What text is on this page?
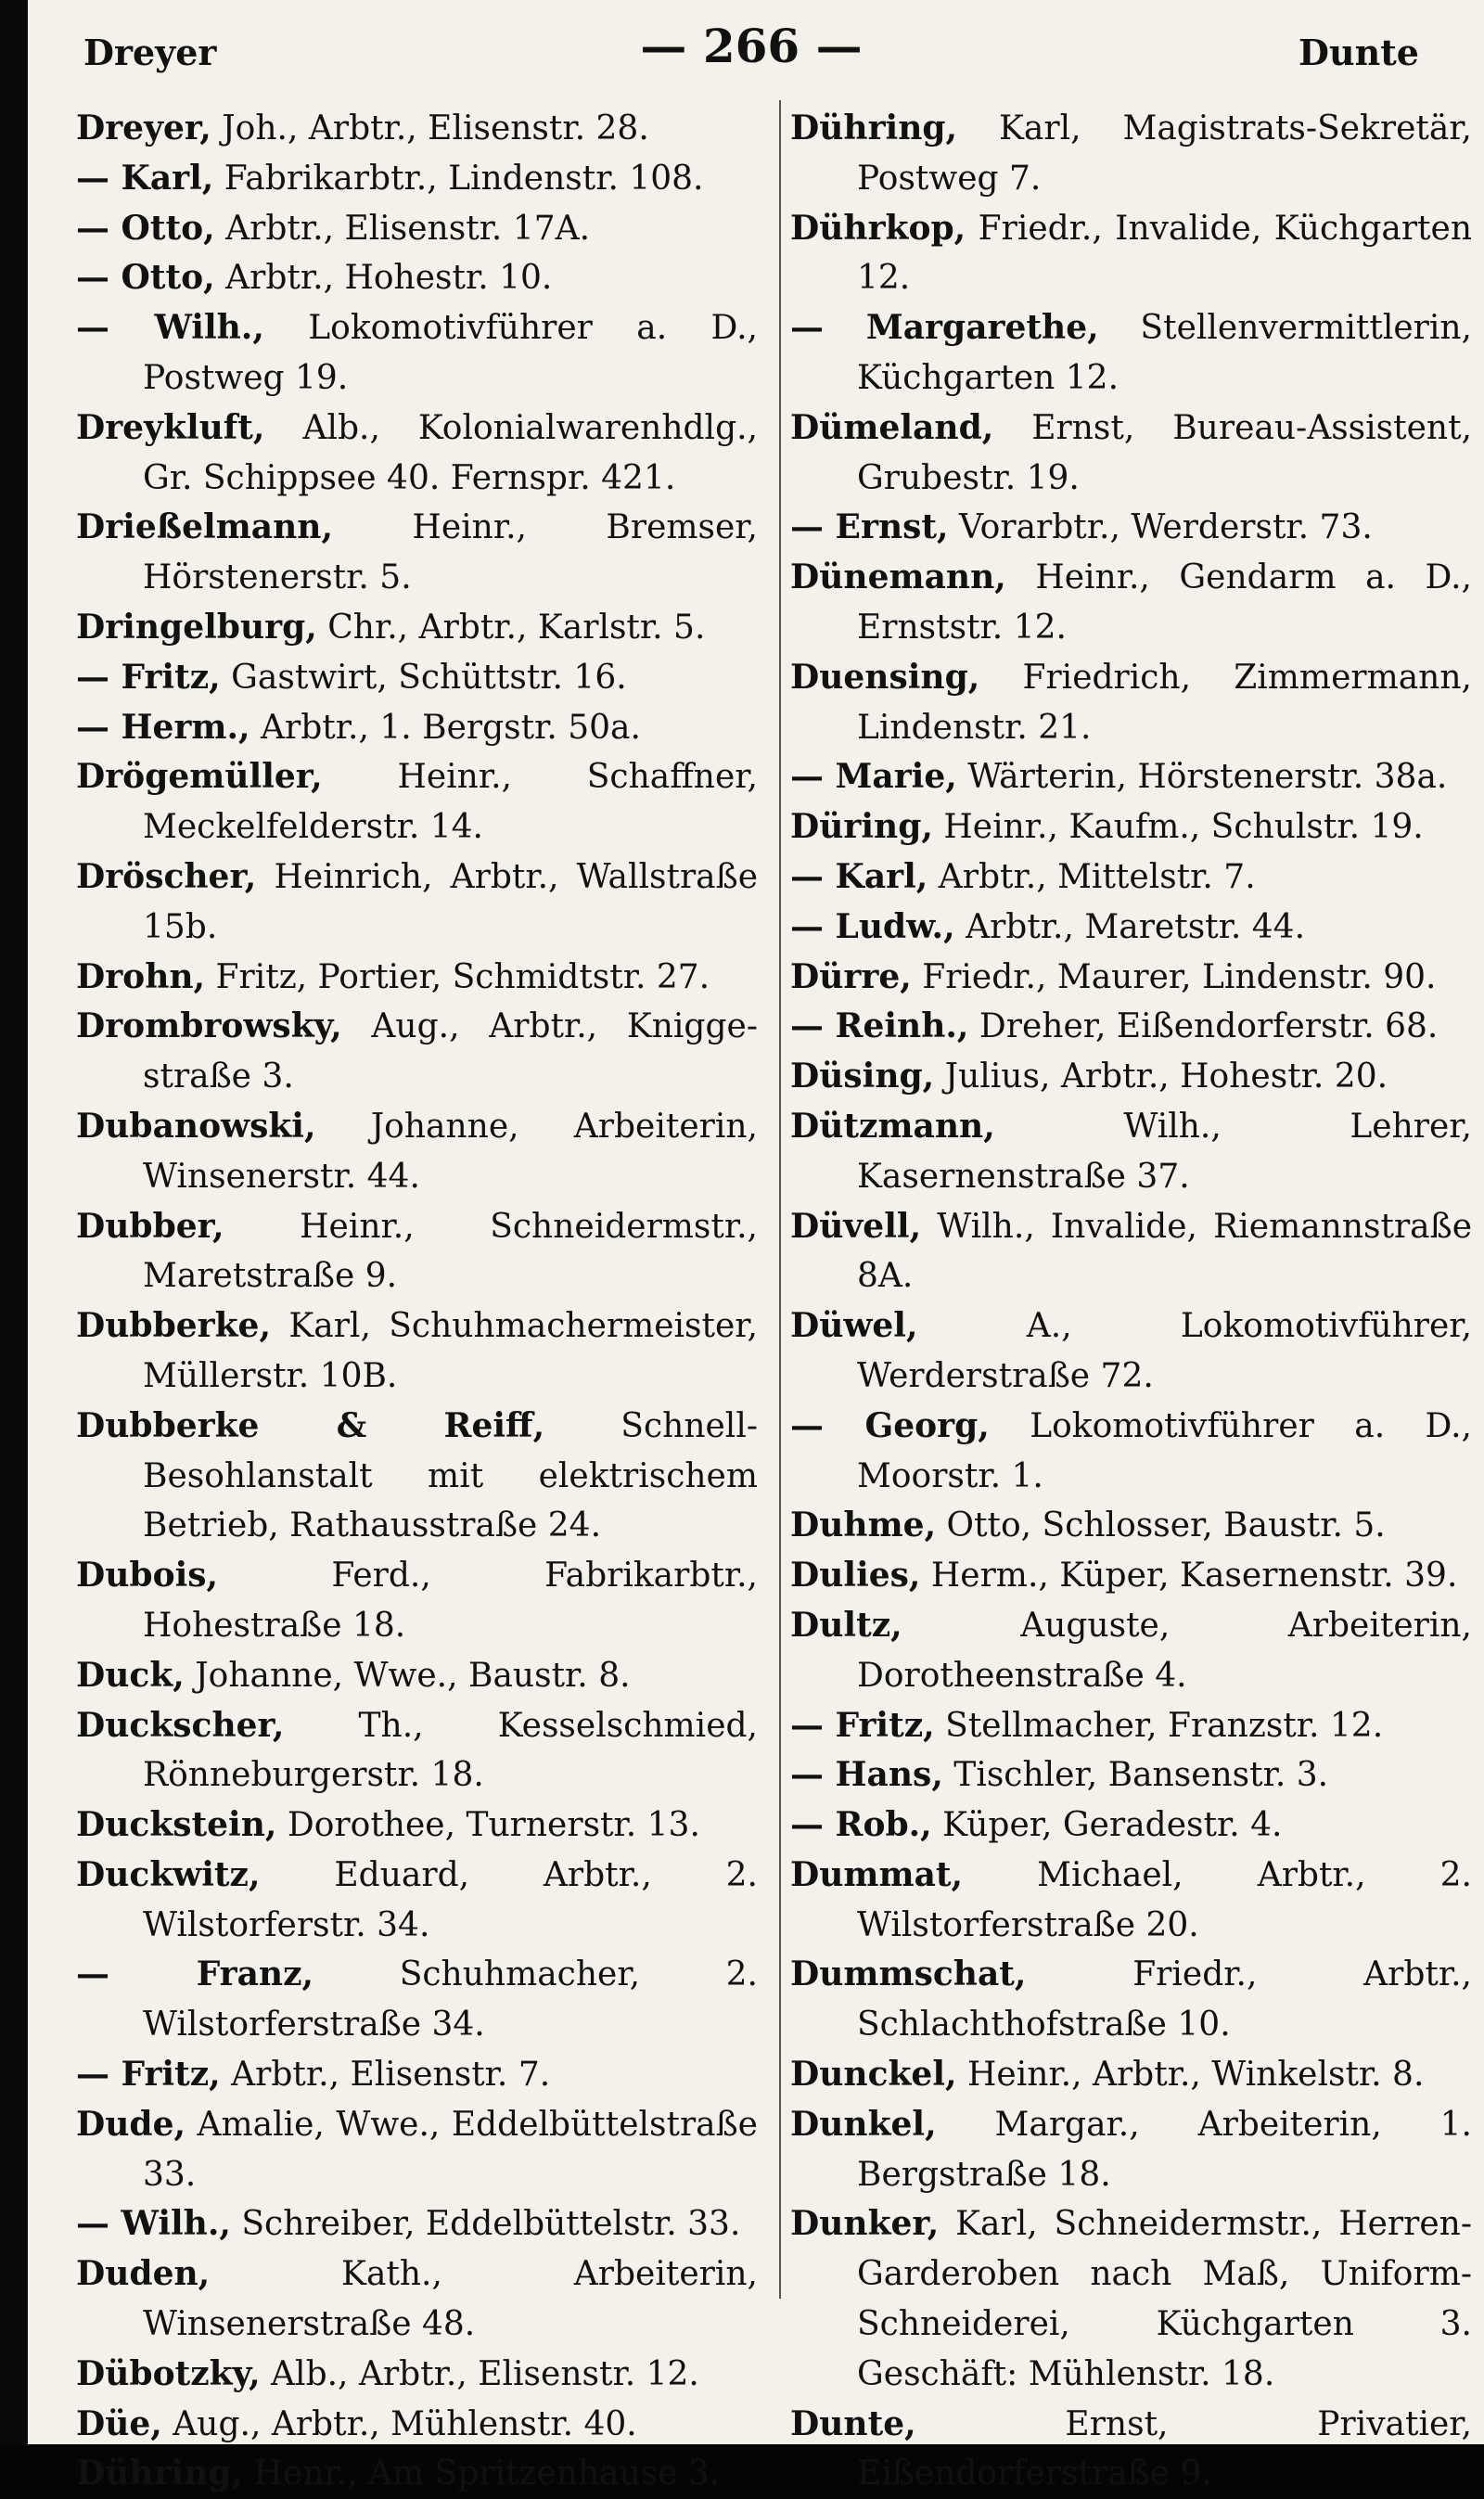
Dreyer	— 266 —	Dunte

Dreyer, Joh., Arbtr., Elisenstr. 28.

— Karl, Fabrikarbtr., Lindenstr. 108.

— Otto, Arbtr., Elisenstr. 17A.

— Otto, Arbtr., Hohestr. 10.

— Wilh., Lokomotivführer a. D., Postweg 19.

Dreykluft, Alb., Kolonialwarenhdlg., Gr. Schippsee 40. Fernspr. 421.

Drießelmann, Heinr., Bremser, Hörstenerstr. 5.

Dringelburg, Chr., Arbtr., Karlstr. 5.

— Fritz, Gastwirt, Schüttstr. 16.

— Herm., Arbtr., 1. Bergstr. 50a.

Drögemüller, Heinr., Schaffner, Meckelfelderstr. 14.

Dröscher, Heinrich, Arbtr., Wallstraße 15b.

Drohn, Fritz, Portier, Schmidtstr. 27.

Drombrowsky, Aug., Arbtr., Kniggestraße 3.

Dubanowski, Johanne, Arbeiterin, Winsenerstr. 44.

Dubber, Heinr., Schneidermstr., Maretstraße 9.

Dubberke, Karl, Schuhmachermeister, Müllerstr. 10B.

Dubberke & Reiff, Schnell-Besohlanstalt mit elektrischem Betrieb, Rathausstraße 24.

Dubois, Ferd., Fabrikarbtr., Hohestraße 18.

Duck, Johanne, Wwe., Baustr. 8.

Duckscher, Th., Kesselschmied, Rönneburgerstr. 18.

Duckstein, Dorothee, Turnerstr. 13.

Duckwitz, Eduard, Arbtr., 2. Wilstorferstr. 34.

— Franz, Schuhmacher, 2. Wilstorferstraße 34.

— Fritz, Arbtr., Elisenstr. 7.

Dude, Amalie, Wwe., Eddelbüttelstraße 33.

— Wilh., Schreiber, Eddelbüttelstr. 33.

Duden, Kath., Arbeiterin, Winsenerstraße 48.

Dübotzky, Alb., Arbtr., Elisenstr. 12.

Düe, Aug., Arbtr., Mühlenstr. 40.

Dühring, Henr., Am Spritzenhause 3.

Dühring, Karl, Magistrats-Sekretär, Postweg 7.

Dührkop, Friedr., Invalide, Küchgarten 12.

— Margarethe, Stellenvermittlerin, Küchgarten 12.

Dümeland, Ernst, Bureau-Assistent, Grubestr. 19.

— Ernst, Vorarbtr., Werderstr. 73.

Dünemann, Heinr., Gendarm a. D., Ernststr. 12.

Duensing, Friedrich, Zimmermann, Lindenstr. 21.

— Marie, Wärterin, Hörstenerstr. 38a.

Düring, Heinr., Kaufm., Schulstr. 19.

— Karl, Arbtr., Mittelstr. 7.

— Ludw., Arbtr., Maretstr. 44.

Dürre, Friedr., Maurer, Lindenstr. 90.

— Reinh., Dreher, Eißendorferstr. 68.

Düsing, Julius, Arbtr., Hohestr. 20.

Dützmann, Wilh., Lehrer, Kasernenstraße 37.

Düvell, Wilh., Invalide, Riemannstraße 8A.

Düwel, A., Lokomotivführer, Werderstraße 72.

— Georg, Lokomotivführer a. D., Moorstr. 1.

Duhme, Otto, Schlosser, Baustr. 5.

Dulies, Herm., Küper, Kasernenstr. 39.

Dultz, Auguste, Arbeiterin, Dorotheenstraße 4.

— Fritz, Stellmacher, Franzstr. 12.

— Hans, Tischler, Bansenstr. 3.

— Rob., Küper, Geradestr. 4.

Dummat, Michael, Arbtr., 2. Wilstorferstraße 20.

Dummschat, Friedr., Arbtr., Schlachthofstraße 10.

Dunckel, Heinr., Arbtr., Winkelstr. 8.

Dunkel, Margar., Arbeiterin, 1. Bergstraße 18.

Dunker, Karl, Schneidermstr., Herren-Garderoben nach Maß, Uniform-Schneiderei, Küchgarten 3. Geschäft: Mühlenstr. 18.

Dunte, Ernst, Privatier, Eißendorferstraße 9.
